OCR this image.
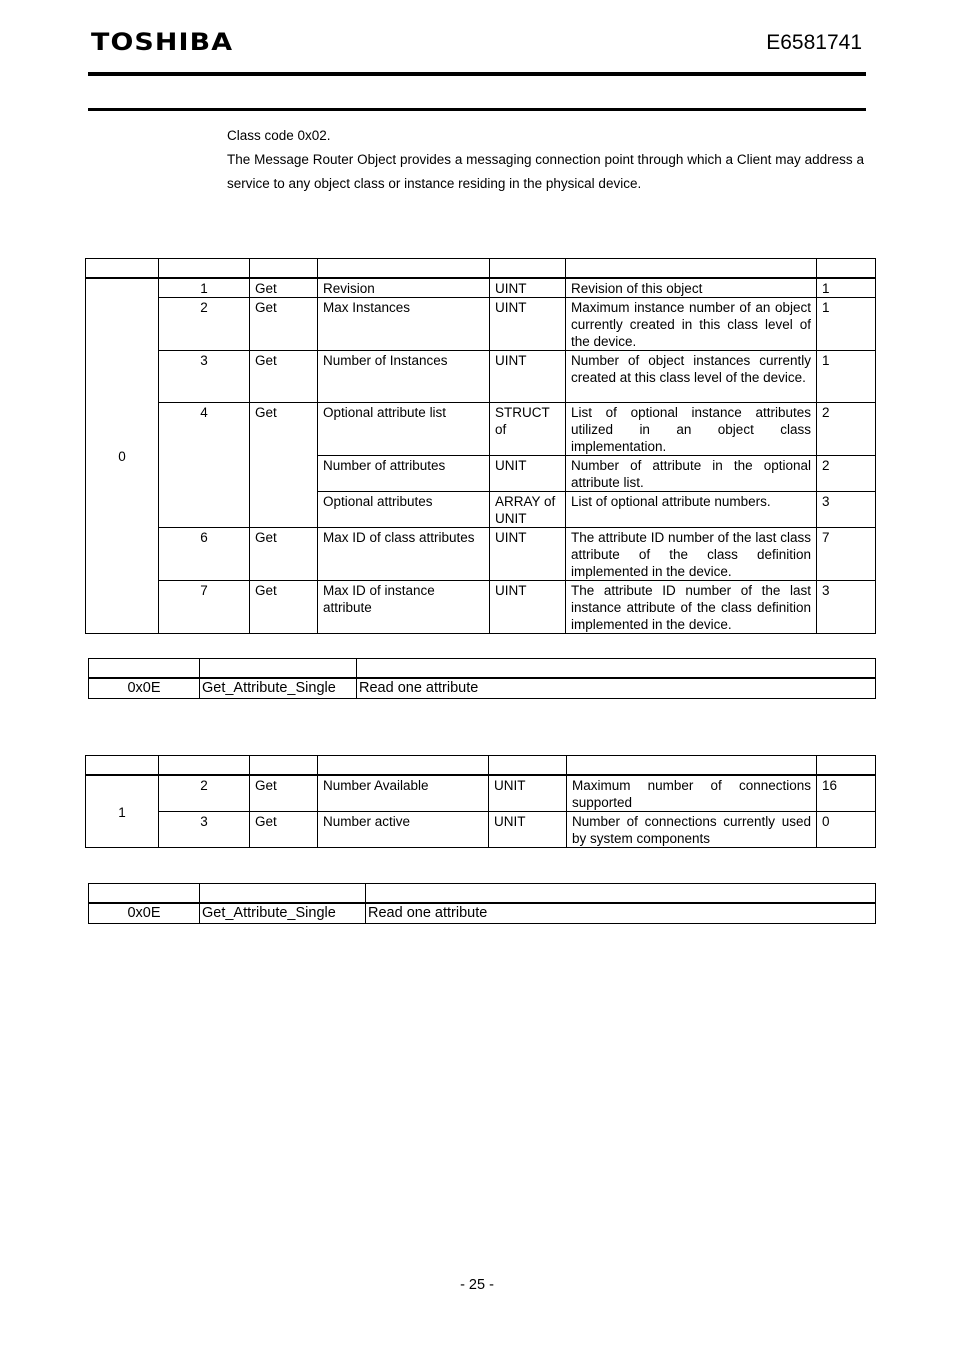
TOSHIBA	E6581741

Class code 0x02.

The Message Router Object provides a messaging connection point through which a Client may address a service to any object class or instance residing in the physical device.

0	1	Get	Revision	UINT	Revision of this object	1
	2	Get	Max Instances	UINT	Maximum instance number of an object currently created in this class level of the device.	1
	3	Get	Number of Instances	UINT	Number of object instances currently created at this class level of the device.	1
	4	Get	Optional attribute list	STRUCT of	List of optional instance attributes utilized in an object class implementation.	2
			Number of attributes	UNIT	Number of attribute in the optional attribute list.	2
			Optional attributes	ARRAY of UNIT	List of optional attribute numbers.	3
	6	Get	Max ID of class attributes	UINT	The attribute ID number of the last class attribute of the class definition implemented in the device.	7
	7	Get	Max ID of instance attribute	UINT	The attribute ID number of the last instance attribute of the class definition implemented in the device.	3

0x0E	Get_Attribute_Single	Read one attribute

1	2	Get	Number Available	UNIT	Maximum number of connections supported	16
	3	Get	Number active	UNIT	Number of connections currently used by system components	0

0x0E	Get_Attribute_Single	Read one attribute
- 25 -
